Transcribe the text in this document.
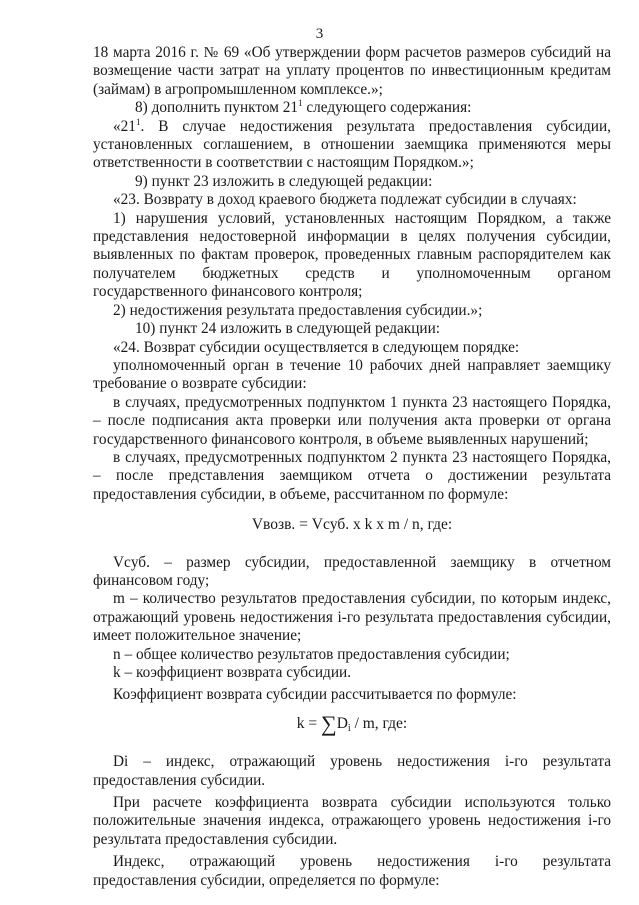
3

18 марта 2016 г. № 69 «Об утверждении форм расчетов размеров субсидий на возмещение части затрат на уплату процентов по инвестиционным кредитам (займам) в агропромышленном комплексе.»;

8) дополнить пунктом $21^1$ следующего содержания:

«$21^1$. В случае недостижения результата предоставления субсидии, установленных соглашением, в отношении заемщика применяются меры ответственности в соответствии с настоящим Порядком.»;

9) пункт 23 изложить в следующей редакции:

«23. Возврату в доход краевого бюджета подлежат субсидии в случаях:

1) нарушения условий, установленных настоящим Порядком, а также представления недостоверной информации в целях получения субсидии, выявленных по фактам проверок, проведенных главным распорядителем как получателем бюджетных средств и уполномоченным органом государственного финансового контроля;

2) недостижения результата предоставления субсидии.»;

10) пункт 24 изложить в следующей редакции:

«24. Возврат субсидии осуществляется в следующем порядке:

уполномоченный орган в течение 10 рабочих дней направляет заемщику требование о возврате субсидии:

в случаях, предусмотренных подпунктом 1 пункта 23 настоящего Порядка, – после подписания акта проверки или получения акта проверки от органа государственного финансового контроля, в объеме выявленных нарушений;

в случаях, предусмотренных подпунктом 2 пункта 23 настоящего Порядка, – после представления заемщиком отчета о достижении результата предоставления субсидии, в объеме, рассчитанном по формуле:

Vвозв. = Vcуб. x k x m / n, где:

Vcуб. – размер субсидии, предоставленной заемщику в отчетном финансовом году;

m – количество результатов предоставления субсидии, по которым индекс, отражающий уровень недостижения i-го результата предоставления субсидии, имеет положительное значение;

n – общее количество результатов предоставления субсидии;

k – коэффициент возврата субсидии.

Коэффициент возврата субсидии рассчитывается по формуле:

$k = \sum D_i / m$, где:

Di – индекс, отражающий уровень недостижения i-го результата предоставления субсидии.

При расчете коэффициента возврата субсидии используются только положительные значения индекса, отражающего уровень недостижения i-го результата предоставления субсидии.

Индекс, отражающий уровень недостижения i-го результата предоставления субсидии, определяется по формуле:
